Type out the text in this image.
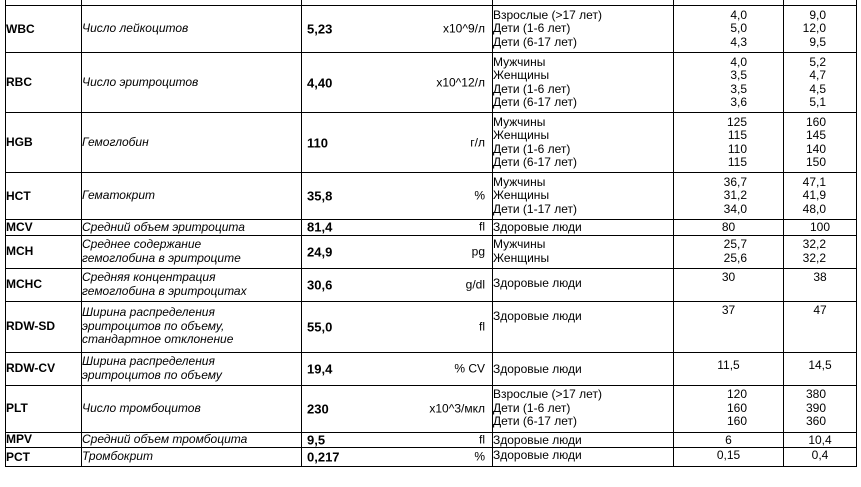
WBC	Число лейкоцитов	5,23 x10^9/л	Взрослые (>17 лет)
Дети (1-6 лет)
Дети (6-17 лет)	4,0
5,0
4,3	9,0
12,0
9,5

RBC	Число эритроцитов	4,40 x10^12/л	Мужчины
Женщины
Дети (1-6 лет)
Дети (6-17 лет)	4,0
3,5
3,5
3,6	5,2
4,7
4,5
5,1

HGB	Гемоглобин	110 г/л	Мужчины
Женщины
Дети (1-6 лет)
Дети (6-17 лет)	125
115
110
115	160
145
140
150

HCT	Гематокрит	35,8 %	Мужчины
Женщины
Дети (1-17 лет)	36,7
31,2
34,0	47,1
41,9
48,0

MCV	Средний объем эритроцита	81,4 fl	Здоровые люди	80	100

MCH	Среднее содержание
гемоглобина в эритроците	24,9 pg	Мужчины
Женщины	25,7
25,6	32,2
32,2

MCHC	Средняя концентрация
гемоглобина в эритроцитах	30,6 g/dl	Здоровые люди	30	38

RDW-SD	Ширина распределения
эритроцитов по объему,
стандартное отклонение	55,0 fl	Здоровые люди	37	47

RDW-CV	Ширина распределения
эритроцитов по объему	19,4 % CV	Здоровые люди	11,5	14,5

PLT	Число тромбоцитов	230 x10^3/мкл	Взрослые (>17 лет)
Дети (1-6 лет)
Дети (6-17 лет)	120
160
160	380
390
360

MPV	Средний объем тромбоцита	9,5 fl	Здоровые люди	6	10,4

PCT	Тромбокрит	0,217 %	Здоровые люди	0,15	0,4
